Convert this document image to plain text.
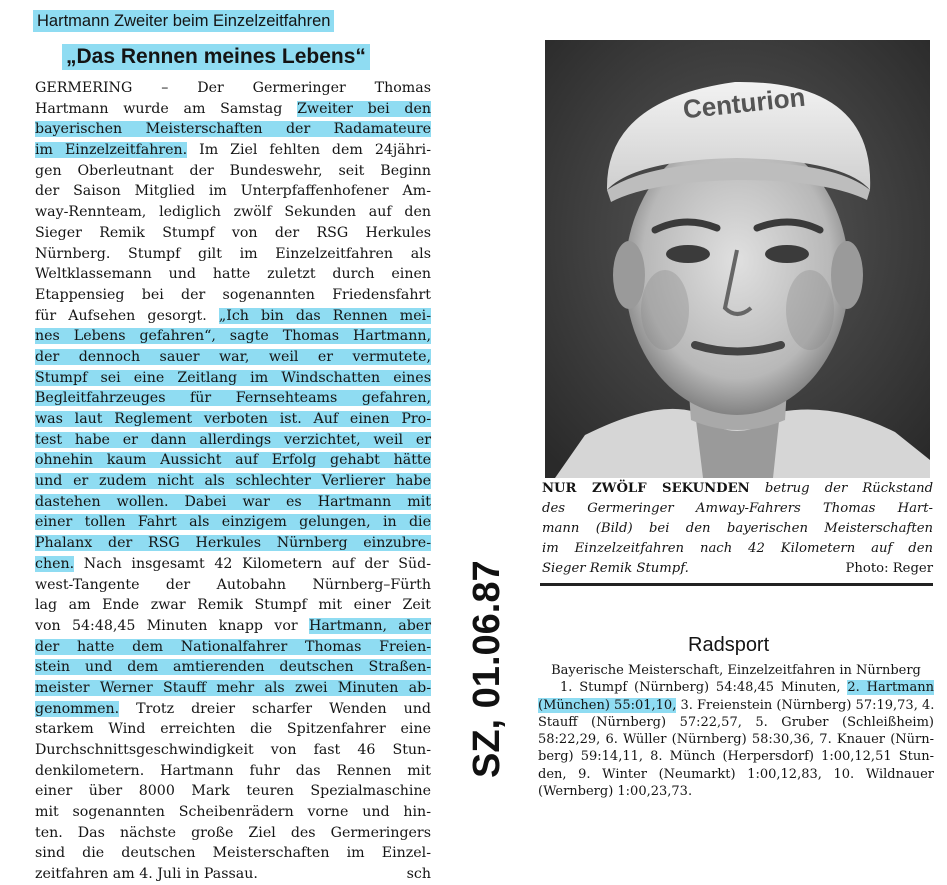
Hartmann Zweiter beim Einzelzeitfahren
„Das Rennen meines Lebens“
GERMERING – Der Germeringer Thomas
Hartmann wurde am Samstag Zweiter bei den
bayerischen Meisterschaften der Radamateure
im Einzelzeitfahren. Im Ziel fehlten dem 24jähri-
gen Oberleutnant der Bundeswehr, seit Beginn
der Saison Mitglied im Unterpfaffenhofener Am-
way-Rennteam, lediglich zwölf Sekunden auf den
Sieger Remik Stumpf von der RSG Herkules
Nürnberg. Stumpf gilt im Einzelzeitfahren als
Weltklassemann und hatte zuletzt durch einen
Etappensieg bei der sogenannten Friedensfahrt
für Aufsehen gesorgt. „Ich bin das Rennen mei-
nes Lebens gefahren“, sagte Thomas Hartmann,
der dennoch sauer war, weil er vermutete,
Stumpf sei eine Zeitlang im Windschatten eines
Begleitfahrzeuges für Fernsehteams gefahren,
was laut Reglement verboten ist. Auf einen Pro-
test habe er dann allerdings verzichtet, weil er
ohnehin kaum Aussicht auf Erfolg gehabt hätte
und er zudem nicht als schlechter Verlierer habe
dastehen wollen. Dabei war es Hartmann mit
einer tollen Fahrt als einzigem gelungen, in die
Phalanx der RSG Herkules Nürnberg einzubre-
chen. Nach insgesamt 42 Kilometern auf der Süd-
west-Tangente der Autobahn Nürnberg–Fürth
lag am Ende zwar Remik Stumpf mit einer Zeit
von 54:48,45 Minuten knapp vor Hartmann, aber
der hatte dem Nationalfahrer Thomas Freien-
stein und dem amtierenden deutschen Straßen-
meister Werner Stauff mehr als zwei Minuten ab-
genommen. Trotz dreier scharfer Wenden und
starkem Wind erreichten die Spitzenfahrer eine
Durchschnittsgeschwindigkeit von fast 46 Stun-
denkilometern. Hartmann fuhr das Rennen mit
einer über 8000 Mark teuren Spezialmaschine
mit sogenannten Scheibenrädern vorne und hin-
ten. Das nächste große Ziel des Germeringers
sind die deutschen Meisterschaften im Einzel-
zeitfahren am 4. Juli in Passau.	sch
Centurion
NUR ZWÖLF SEKUNDEN betrug der Rückstand
des Germeringer Amway-Fahrers Thomas Hart-
mann (Bild) bei den bayerischen Meisterschaften
im Einzelzeitfahren nach 42 Kilometern auf den
Sieger Remik Stumpf.	Photo: Reger
SZ, 01.06.87	Radsport
Bayerische Meisterschaft, Einzelzeitfahren in Nürnberg
1. Stumpf (Nürnberg) 54:48,45 Minuten, 2. Hartmann
(München) 55:01,10, 3. Freienstein (Nürnberg) 57:19,73, 4.
Stauff (Nürnberg) 57:22,57, 5. Gruber (Schleißheim)
58:22,29, 6. Wüller (Nürnberg) 58:30,36, 7. Knauer (Nürn-
berg) 59:14,11, 8. Münch (Herpersdorf) 1:00,12,51 Stun-
den, 9. Winter (Neumarkt) 1:00,12,83, 10. Wildnauer
(Wernberg) 1:00,23,73.
